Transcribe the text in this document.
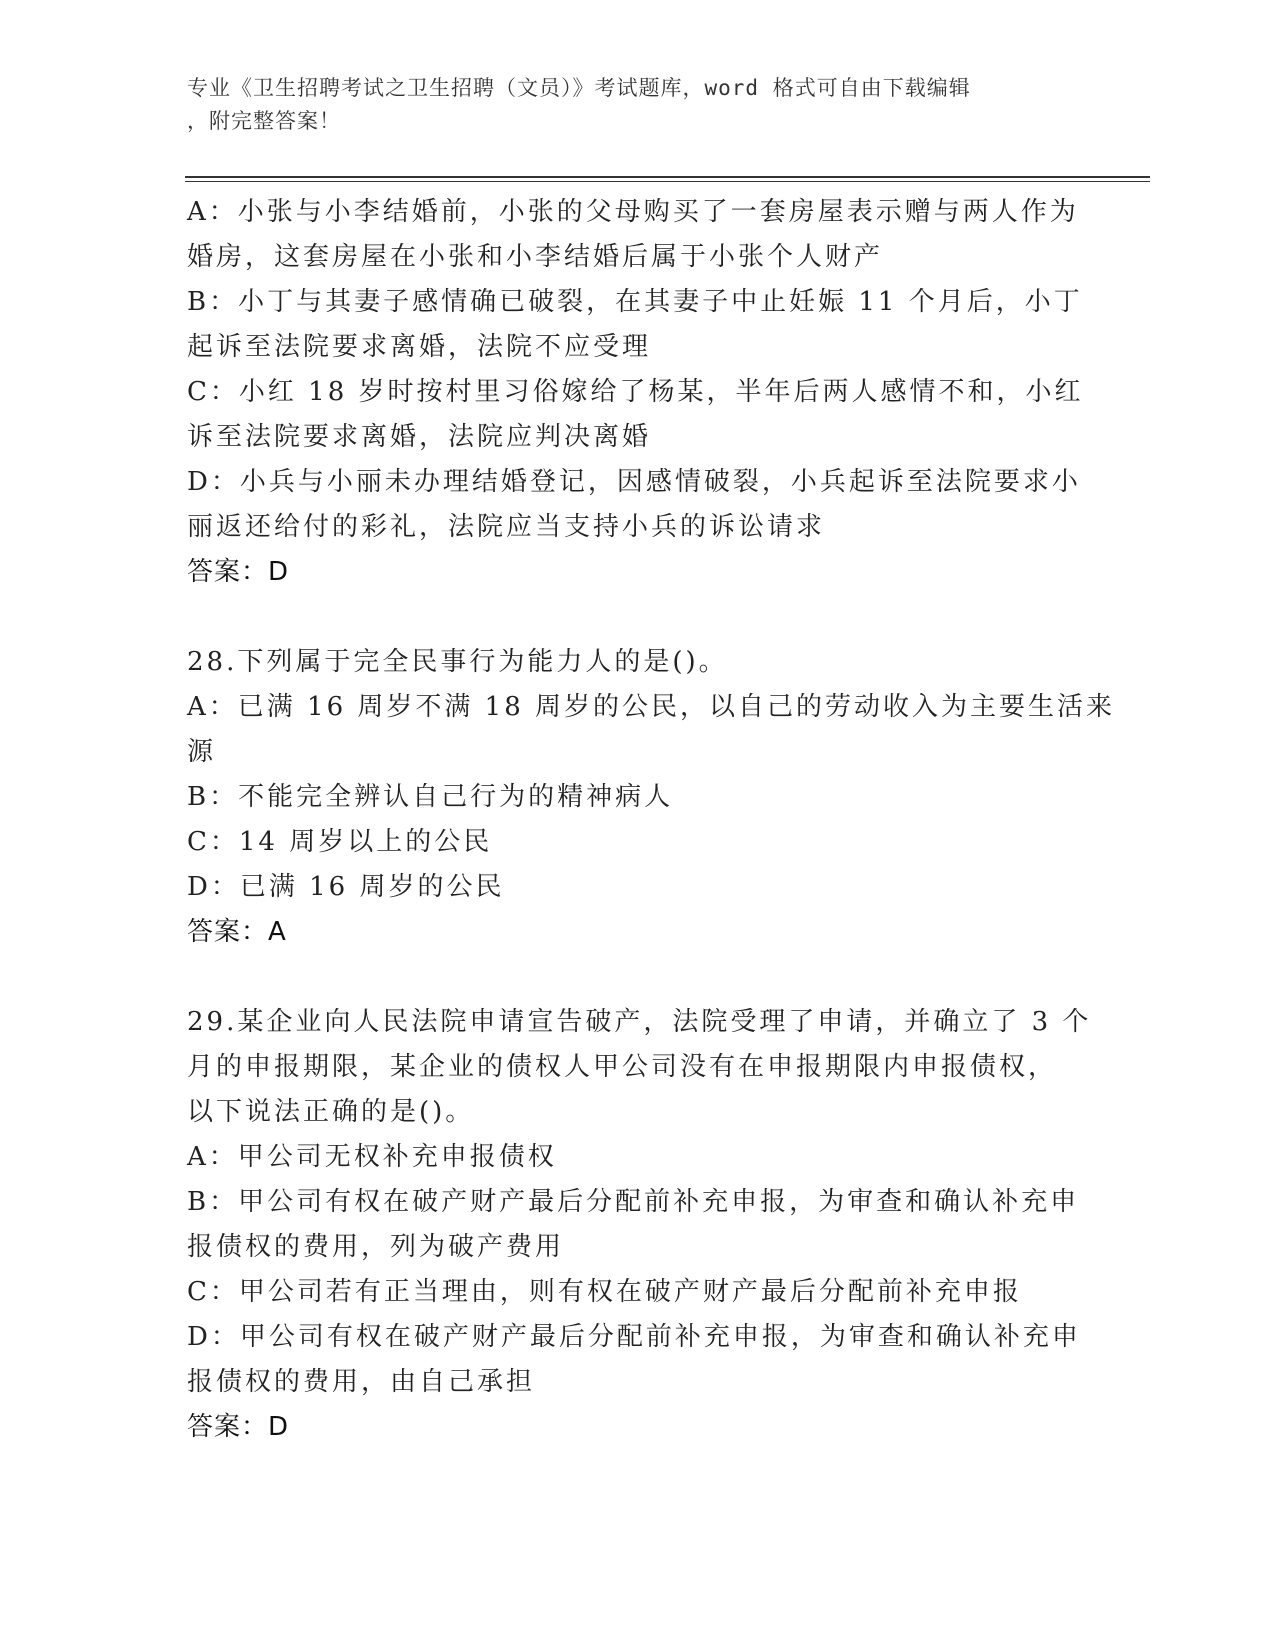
专业《卫生招聘考试之卫生招聘（文员）》考试题库，word 格式可自由下载编辑
，附完整答案！
A：小张与小李结婚前，小张的父母购买了一套房屋表示赠与两人作为
婚房，这套房屋在小张和小李结婚后属于小张个人财产
B：小丁与其妻子感情确已破裂，在其妻子中止妊娠 11 个月后，小丁
起诉至法院要求离婚，法院不应受理
C：小红 18 岁时按村里习俗嫁给了杨某，半年后两人感情不和，小红
诉至法院要求离婚，法院应判决离婚
D：小兵与小丽未办理结婚登记，因感情破裂，小兵起诉至法院要求小
丽返还给付的彩礼，法院应当支持小兵的诉讼请求
答案：D
28.下列属于完全民事行为能力人的是()。
A：已满 16 周岁不满 18 周岁的公民，以自己的劳动收入为主要生活来
源
B：不能完全辨认自己行为的精神病人
C：14 周岁以上的公民
D：已满 16 周岁的公民
答案：A
29.某企业向人民法院申请宣告破产，法院受理了申请，并确立了 3 个
月的申报期限，某企业的债权人甲公司没有在申报期限内申报债权，
以下说法正确的是()。
A：甲公司无权补充申报债权
B：甲公司有权在破产财产最后分配前补充申报，为审查和确认补充申
报债权的费用，列为破产费用
C：甲公司若有正当理由，则有权在破产财产最后分配前补充申报
D：甲公司有权在破产财产最后分配前补充申报，为审查和确认补充申
报债权的费用，由自己承担
答案：D
